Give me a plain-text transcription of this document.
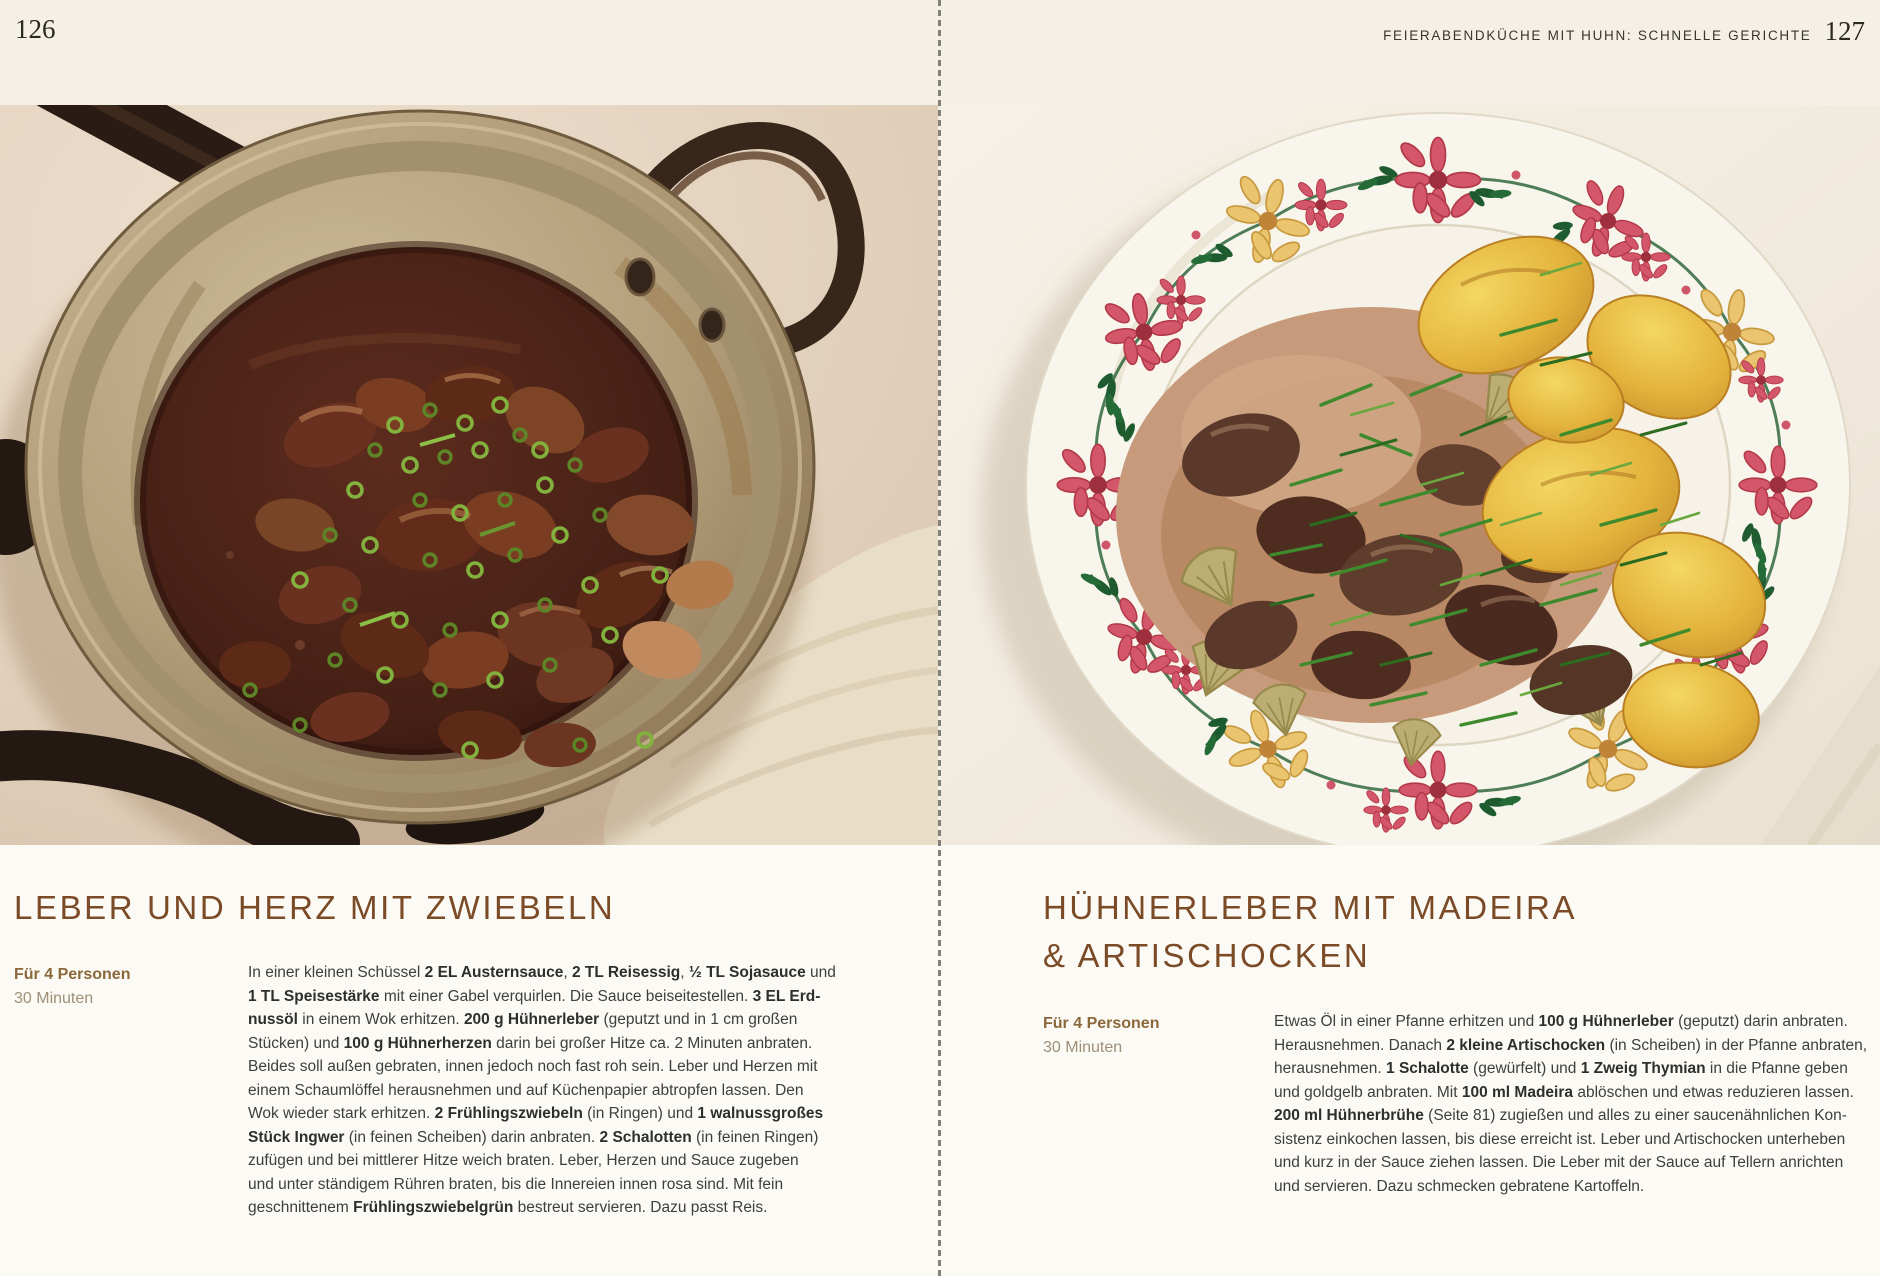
126	FEIERABENDKÜCHE MIT HUHN: SCHNELLE GERICHTE 127
LEBER UND HERZ MIT ZWIEBELN
Für 4 Personen
30 Minuten
In einer kleinen Schüssel 2 EL Austernsauce, 2 TL Reisessig, ½ TL Sojasauce und
1 TL Speisestärke mit einer Gabel verquirlen. Die Sauce beiseitestellen. 3 EL Erd-
nussöl in einem Wok erhitzen. 200 g Hühnerleber (geputzt und in 1 cm großen
Stücken) und 100 g Hühnerherzen darin bei großer Hitze ca. 2 Minuten anbraten.
Beides soll außen gebraten, innen jedoch noch fast roh sein. Leber und Herzen mit
einem Schaumlöffel herausnehmen und auf Küchenpapier abtropfen lassen. Den
Wok wieder stark erhitzen. 2 Frühlingszwiebeln (in Ringen) und 1 walnussgroßes
Stück Ingwer (in feinen Scheiben) darin anbraten. 2 Schalotten (in feinen Ringen)
zufügen und bei mittlerer Hitze weich braten. Leber, Herzen und Sauce zugeben
und unter ständigem Rühren braten, bis die Innereien innen rosa sind. Mit fein
geschnittenem Frühlingszwiebelgrün bestreut servieren. Dazu passt Reis.
HÜHNERLEBER MIT MADEIRA
& ARTISCHOCKEN
Für 4 Personen
30 Minuten
Etwas Öl in einer Pfanne erhitzen und 100 g Hühnerleber (geputzt) darin anbraten.
Herausnehmen. Danach 2 kleine Artischocken (in Scheiben) in der Pfanne anbraten,
herausnehmen. 1 Schalotte (gewürfelt) und 1 Zweig Thymian in die Pfanne geben
und goldgelb anbraten. Mit 100 ml Madeira ablöschen und etwas reduzieren lassen.
200 ml Hühnerbrühe (Seite 81) zugießen und alles zu einer saucenähnlichen Kon-
sistenz einkochen lassen, bis diese erreicht ist. Leber und Artischocken unterheben
und kurz in der Sauce ziehen lassen. Die Leber mit der Sauce auf Tellern anrichten
und servieren. Dazu schmecken gebratene Kartoffeln.
